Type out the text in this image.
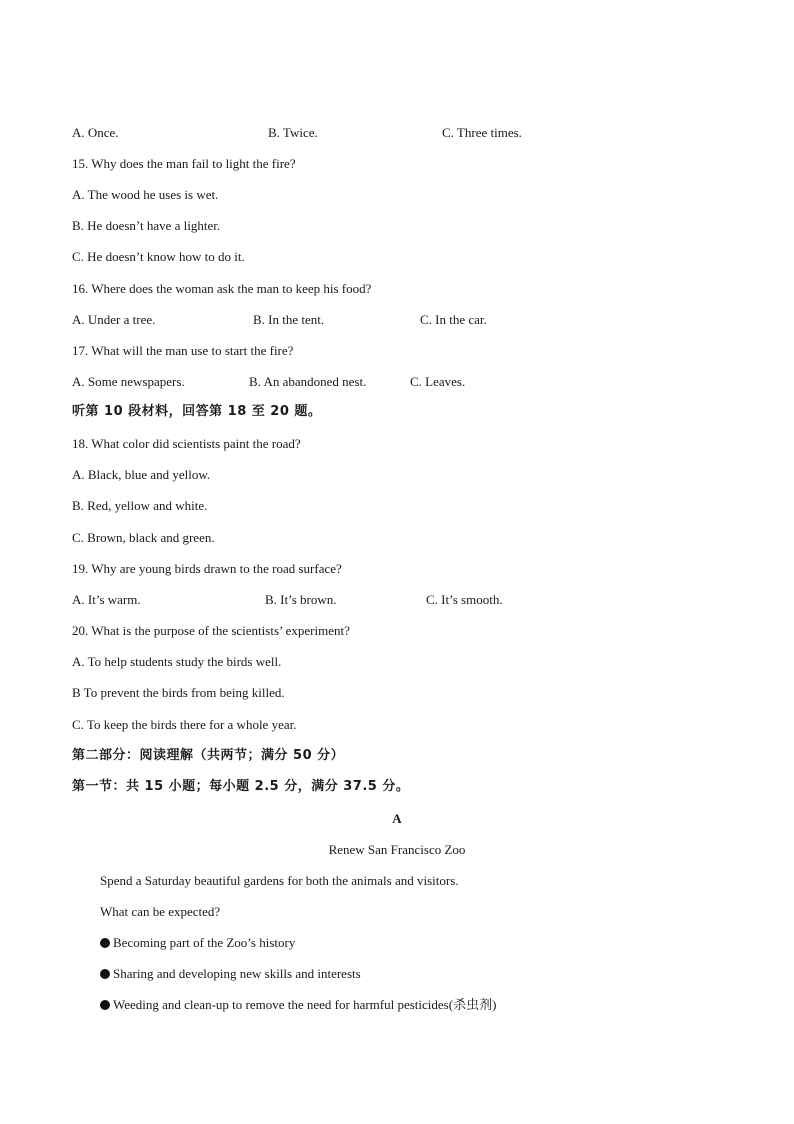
A. Once.	B. Twice.	C. Three times.
15. Why does the man fail to light the fire?
A. The wood he uses is wet.
B. He doesn’t have a lighter.
C. He doesn’t know how to do it.
16. Where does the woman ask the man to keep his food?
A. Under a tree.	B. In the tent.	C. In the car.
17. What will the man use to start the fire?
A. Some newspapers.	B. An abandoned nest.	C. Leaves.
听第 10 段材料，回答第 18 至 20 题。
18. What color did scientists paint the road?
A. Black, blue and yellow.
B. Red, yellow and white.
C. Brown, black and green.
19. Why are young birds drawn to the road surface?
A. It’s warm.	B. It’s brown.	C. It’s smooth.
20. What is the purpose of the scientists’ experiment?
A. To help students study the birds well.
B To prevent the birds from being killed.
C. To keep the birds there for a whole year.
第二部分：阅读理解（共两节；满分 50 分）
第一节：共 15 小题；每小题 2.5 分，满分 37.5 分。
A
Renew San Francisco Zoo
Spend a Saturday beautiful gardens for both the animals and visitors.
What can be expected?
Becoming part of the Zoo’s history
Sharing and developing new skills and interests
Weeding and clean-up to remove the need for harmful pesticides(杀虫剂)
